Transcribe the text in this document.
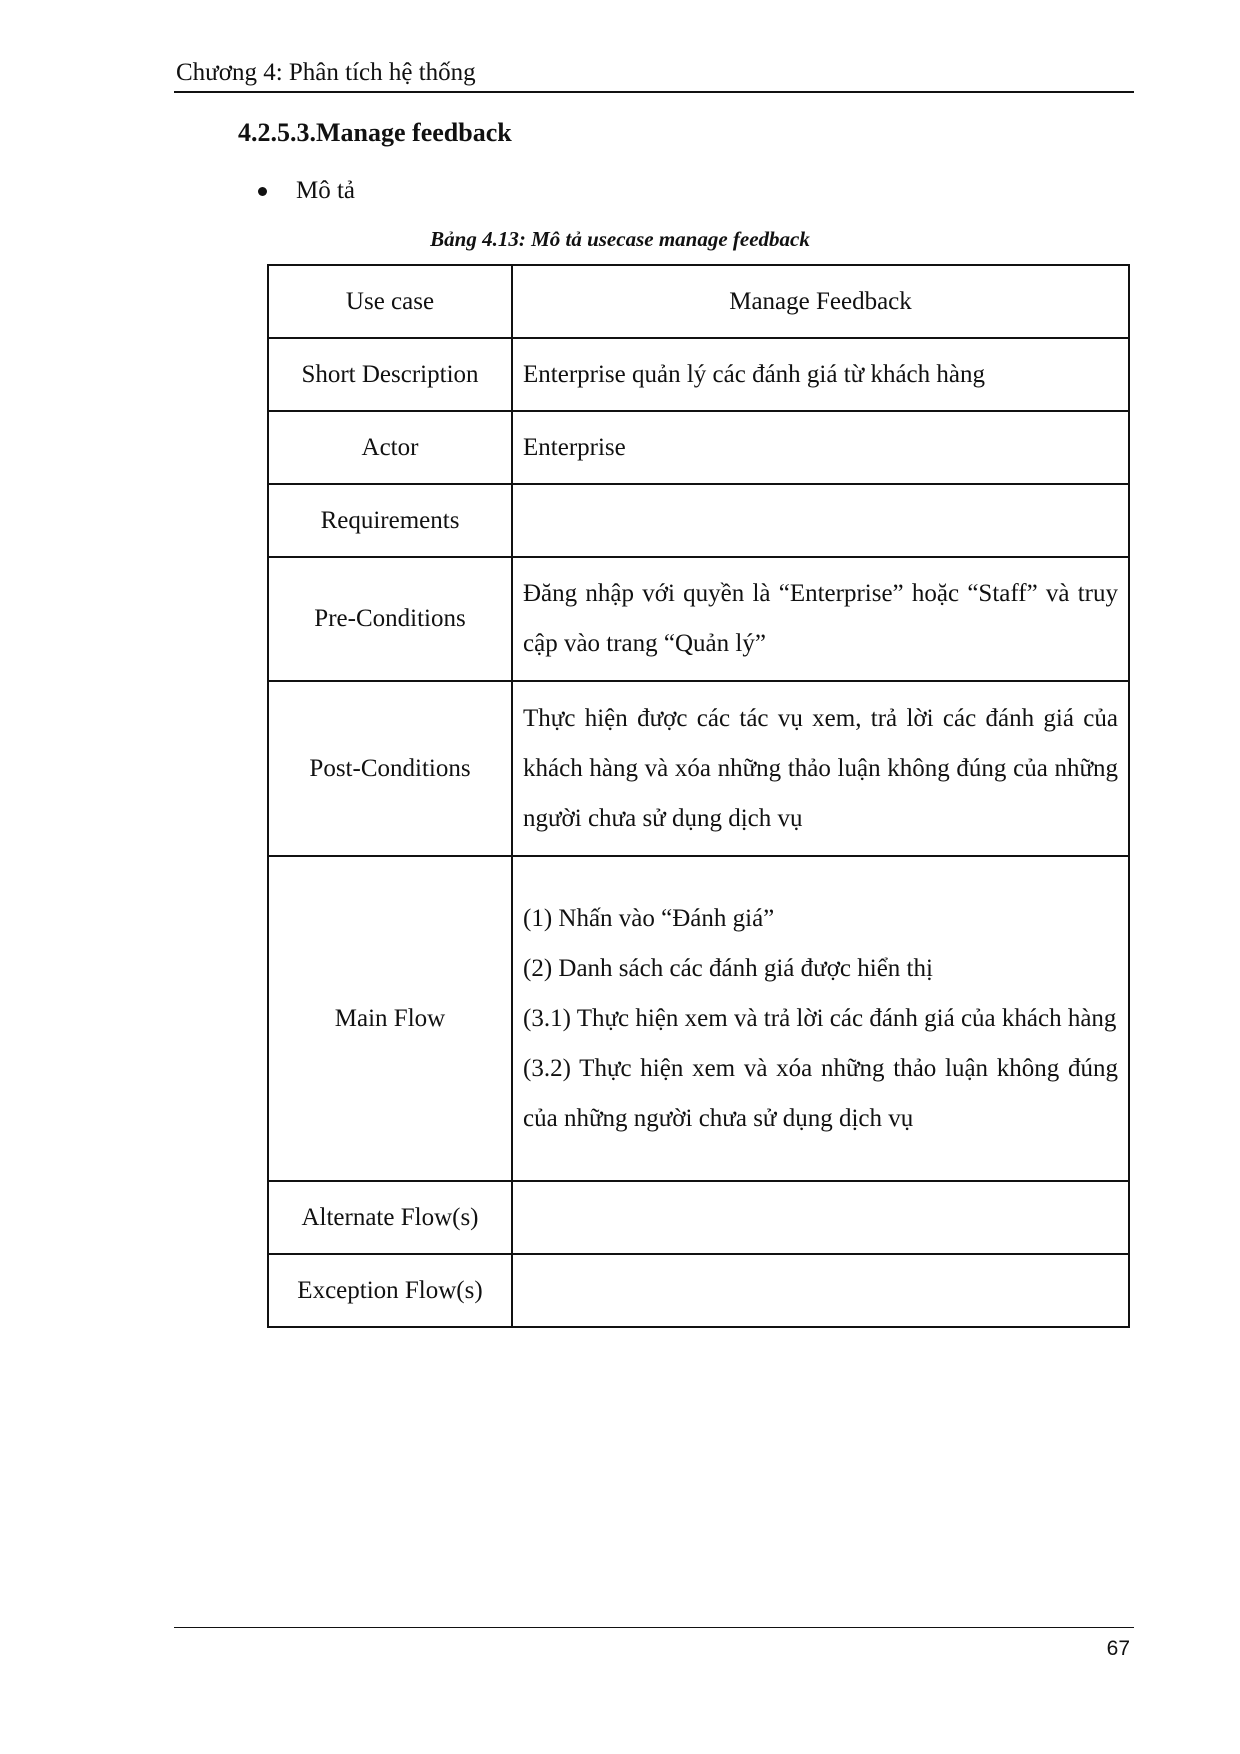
Chương 4: Phân tích hệ thống
4.2.5.3.Manage feedback
Mô tả
Bảng 4.13: Mô tả usecase manage feedback
Use case	Manage Feedback

Short Description	Enterprise quản lý các đánh giá từ khách hàng

Actor	Enterprise

Requirements	

Pre-Conditions	Đăng nhập với quyền là “Enterprise” hoặc “Staff” và truy cập vào trang “Quản lý”

Post-Conditions	Thực hiện được các tác vụ xem, trả lời các đánh giá của khách hàng và xóa những thảo luận không đúng của những người chưa sử dụng dịch vụ

Main Flow	(1) Nhấn vào “Đánh giá”
(2) Danh sách các đánh giá được hiển thị
(3.1) Thực hiện xem và trả lời các đánh giá của khách hàng
(3.2) Thực hiện xem và xóa những thảo luận không đúng của những người chưa sử dụng dịch vụ

Alternate Flow(s)	

Exception Flow(s)	
67
